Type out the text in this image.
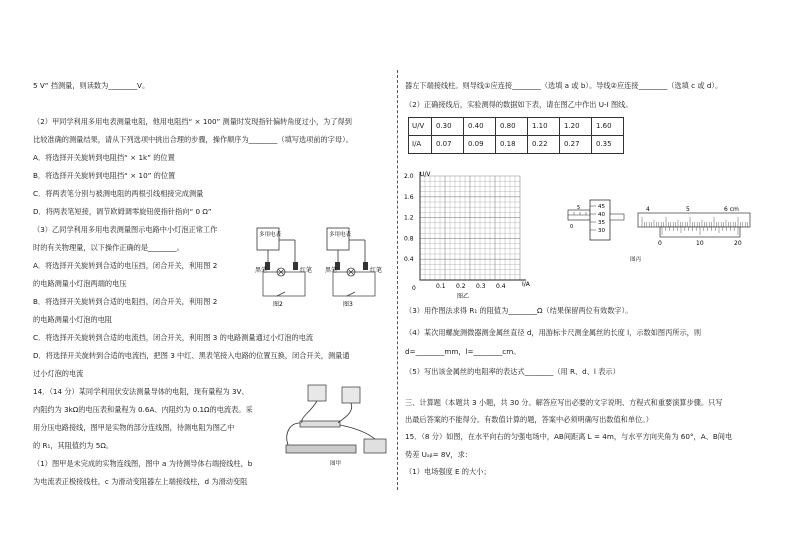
5 V” 挡测量，则读数为________V。
（2）甲同学利用多用电表测量电阻，他用电阻挡“ × 100” 测量时发现指针偏转角度过小，为了得到
比较准确的测量结果，请从下列选项中挑出合理的步骤，操作顺序为________（填写选项前的字母）。
A．将选择开关旋转到电阻挡“ × 1k” 的位置
B．将选择开关旋转到电阻挡“ × 10” 的位置
C．将两表笔分别与被测电阻的两根引线相接完成测量
D．将两表笔短接，调节欧姆调零旋钮使指针指向“ 0 Ω”
（3）乙同学利用多用电表测量图示电路中小灯泡正常工作
时的有关物理量，以下操作正确的是________。
A．将选择开关旋转到合适的电压挡，闭合开关，利用图 2
的电路测量小灯泡两端的电压
B．将选择开关旋转到合适的电阻挡，闭合开关，利用图 2
的电路测量小灯泡的电阻
C．将选择开关旋转到合适的电流挡，闭合开关，利用图 3 的电路测量通过小灯泡的电流
D．将选择开关旋转到合适的电流挡，把图 3 中红、黑表笔接入电路的位置互换，闭合开关，测量通
过小灯泡的电流
14．（14 分）某同学利用伏安法测量导体的电阻，现有量程为 3V、
内阻约为 3kΩ的电压表和量程为 0.6A、内阻约为 0.1Ω的电流表。采
用分压电路接线，图甲是实物的部分连线图，待测电阻为图乙中
的 R₁，其阻值约为 5Ω。
（1）图甲是未完成的实物连线图，图中 a 为待测导体右端接线柱，b
为电流表正极接线柱，c 为滑动变阻器左上端接线柱，d 为滑动变阻
多用电表
黑笔	红笔
图2
多用电表
黑笔	红笔
图3
图甲
器左下端接线柱。则导线①应连接________（选填 a 或 b）。导线②应连接________（选填 c 或 d）。
（2）正确接线后，实验测得的数据如下表，请在图乙中作出 U-I 图线。
U/V	0.30	0.40	0.80	1.10	1.20	1.60
I/A	0.07	0.09	0.18	0.22	0.27	0.35
（3）用作图法求得 R₁ 的阻值为________Ω（结果保留两位有效数字）。
（4）某次用螺旋测微器测金属丝直径 d，用游标卡尺测金属丝的长度 l，示数如图丙所示，则
d=________mm，l=________cm。
（5）写出该金属丝的电阻率的表达式________（用 R、d、l 表示）
三、计算题（本题共 3 小题，共 30 分。解答应写出必要的文字说明、方程式和重要演算步骤。只写
出最后答案的不能得分。有数值计算的题，答案中必须明确写出数值和单位。）
15．（8 分）如图，在水平向右的匀强电场中，AB间距离 L = 4m，与水平方向夹角为 60°，A、B间电
势差 Uₐᵦ= 8V，求：
（1）电场强度 E 的大小；
U/V
I/A
0
图乙
2.0
1.6
1.2
0.8
0.4
0.1 0.2 0.3 0.4
45
40
35
30
5
0
4	5	6 cm
0	10	20
图丙
